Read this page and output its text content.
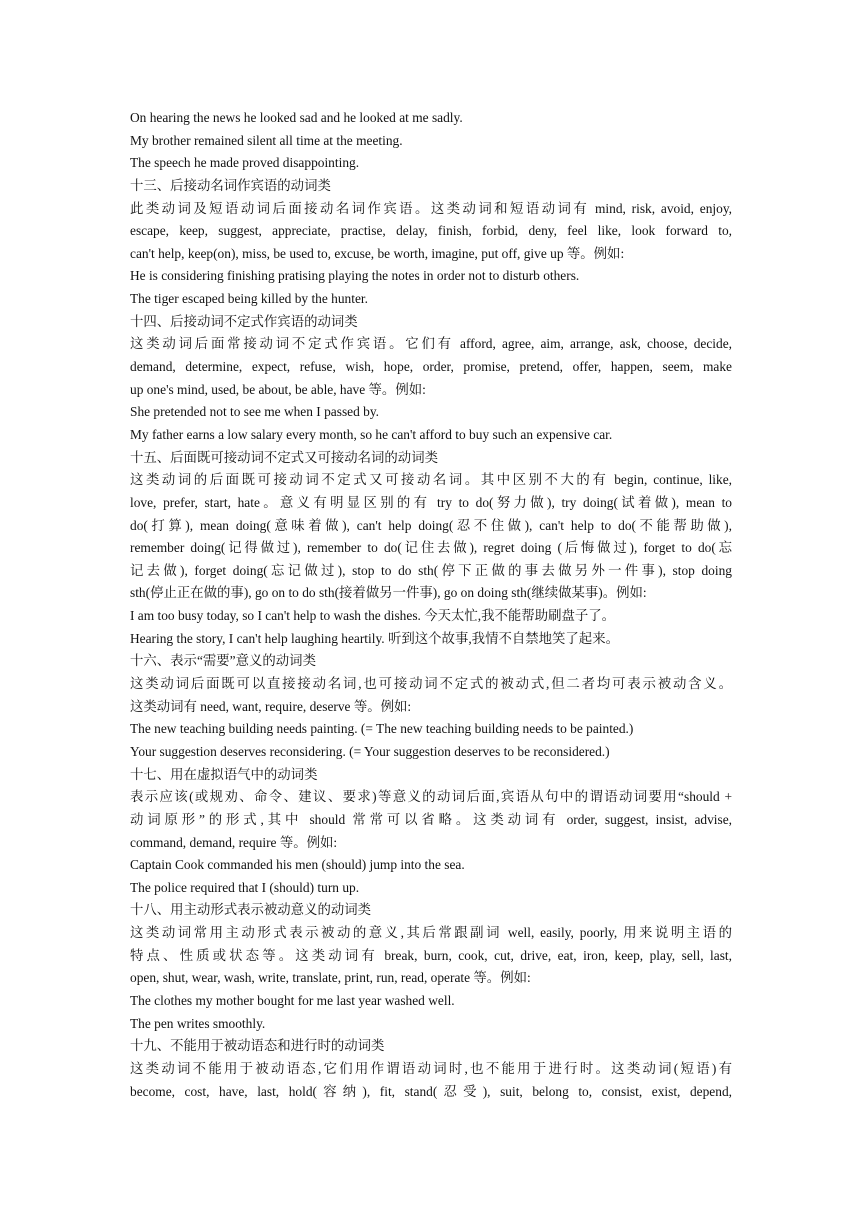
On hearing the news he looked sad and he looked at me sadly.
My brother remained silent all time at the meeting.
The speech he made proved disappointing.
十三、后接动名词作宾语的动词类
此类动词及短语动词后面接动名词作宾语。这类动词和短语动词有 mind, risk, avoid, enjoy,
escape, keep, suggest, appreciate, practise, delay, finish, forbid, deny, feel like, look forward to,
can't help, keep(on), miss, be used to, excuse, be worth, imagine, put off, give up 等。例如:
He is considering finishing pratising playing the notes in order not to disturb others.
The tiger escaped being killed by the hunter.
十四、后接动词不定式作宾语的动词类
这类动词后面常接动词不定式作宾语。它们有 afford, agree, aim, arrange, ask, choose, decide,
demand, determine, expect, refuse, wish, hope, order, promise, pretend, offer, happen, seem, make
up one's mind, used, be about, be able, have 等。例如:
She pretended not to see me when I passed by.
My father earns a low salary every month, so he can't afford to buy such an expensive car.
十五、后面既可接动词不定式又可接动名词的动词类
这类动词的后面既可接动词不定式又可接动名词。其中区别不大的有 begin, continue, like,
love, prefer, start, hate。意义有明显区别的有 try to do(努力做), try doing(试着做), mean to
do(打算), mean doing(意味着做), can't help doing(忍不住做), can't help to do(不能帮助做),
remember doing(记得做过), remember to do(记住去做), regret doing (后悔做过), forget to do(忘
记去做), forget doing(忘记做过), stop to do sth(停下正做的事去做另外一件事), stop doing
sth(停止正在做的事), go on to do sth(接着做另一件事), go on doing sth(继续做某事)。例如:
I am too busy today, so I can't help to wash the dishes. 今天太忙,我不能帮助刷盘子了。
Hearing the story, I can't help laughing heartily. 听到这个故事,我情不自禁地笑了起来。
十六、表示“需要”意义的动词类
这类动词后面既可以直接接动名词,也可接动词不定式的被动式,但二者均可表示被动含义。
这类动词有 need, want, require, deserve 等。例如:
The new teaching building needs painting. (= The new teaching building needs to be painted.)
Your suggestion deserves reconsidering. (= Your suggestion deserves to be reconsidered.)
十七、用在虚拟语气中的动词类
表示应该(或规劝、命令、建议、要求)等意义的动词后面,宾语从句中的谓语动词要用“should +
动词原形”的形式,其中 should 常常可以省略。这类动词有 order, suggest, insist, advise,
command, demand, require 等。例如:
Captain Cook commanded his men (should) jump into the sea.
The police required that I (should) turn up.
十八、用主动形式表示被动意义的动词类
这类动词常用主动形式表示被动的意义,其后常跟副词 well, easily, poorly, 用来说明主语的
特点、性质或状态等。这类动词有 break, burn, cook, cut, drive, eat, iron, keep, play, sell, last,
open, shut, wear, wash, write, translate, print, run, read, operate 等。例如:
The clothes my mother bought for me last year washed well.
The pen writes smoothly.
十九、不能用于被动语态和进行时的动词类
这类动词不能用于被动语态,它们用作谓语动词时,也不能用于进行时。这类动词(短语)有
become, cost, have, last, hold(容纳), fit, stand(忍受), suit, belong to, consist, exist, depend,
